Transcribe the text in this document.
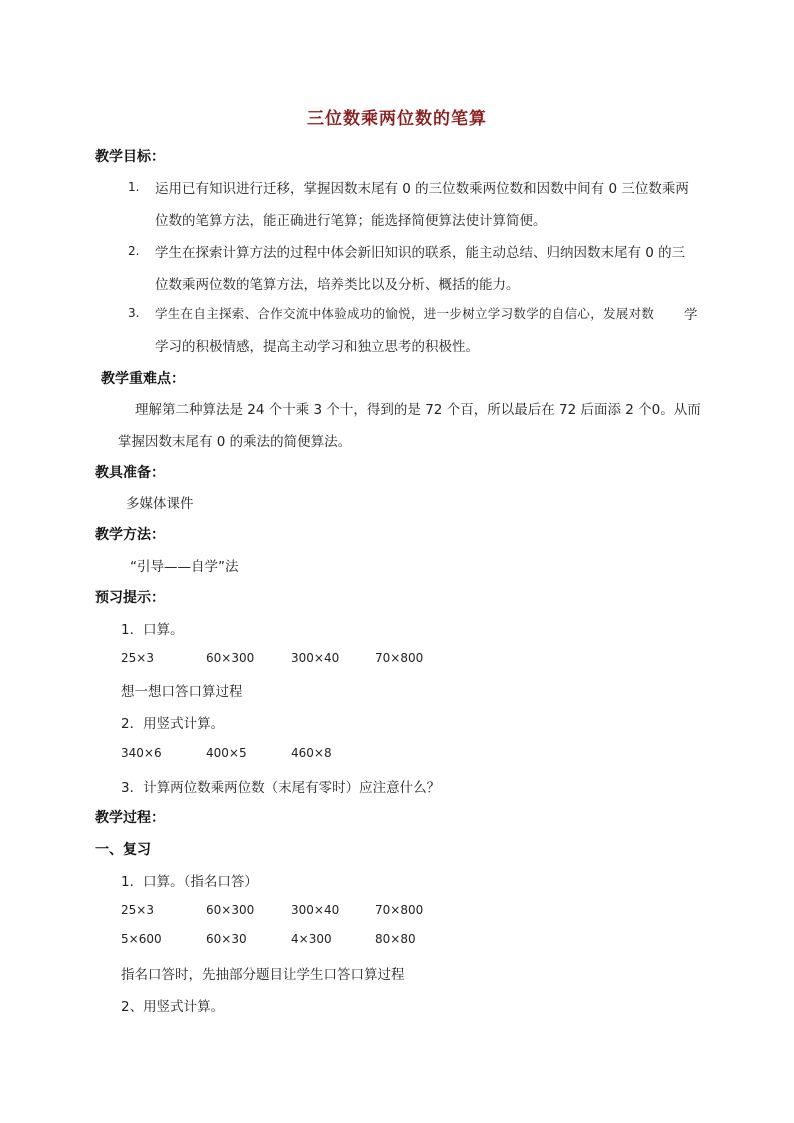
三位数乘两位数的笔算
教学目标：
1. 运用已有知识进行迁移，掌握因数末尾有 0 的三位数乘两位数和因数中间有 0 三位数乘两
位数的笔算方法，能正确进行笔算；能选择简便算法使计算简便。
2. 学生在探索计算方法的过程中体会新旧知识的联系，能主动总结、归纳因数末尾有 0 的三
位数乘两位数的笔算方法，培养类比以及分析、概括的能力。
3. 学生在自主探索、合作交流中体验成功的愉悦，进一步树立学习数学的自信心，发展对数 学
学习的积极情感，提高主动学习和独立思考的积极性。
教学重难点：
理解第二种算法是 24 个十乘 3 个十，得到的是 72 个百，所以最后在 72 后面添 2 个0。从而
掌握因数末尾有 0 的乘法的简便算法。
教具准备：
多媒体课件
教学方法：
“引导——自学”法
预习提示：
1．口算。
25×3	60×300	300×40	70×800
想一想口答口算过程
2．用竖式计算。
340×6	400×5	460×8
3．计算两位数乘两位数（末尾有零时）应注意什么？
教学过程：
一、复习
1．口算。（指名口答）
25×3	60×300	300×40	70×800
5×600	60×30	4×300	80×80
指名口答时，先抽部分题目让学生口答口算过程
2、用竖式计算。
